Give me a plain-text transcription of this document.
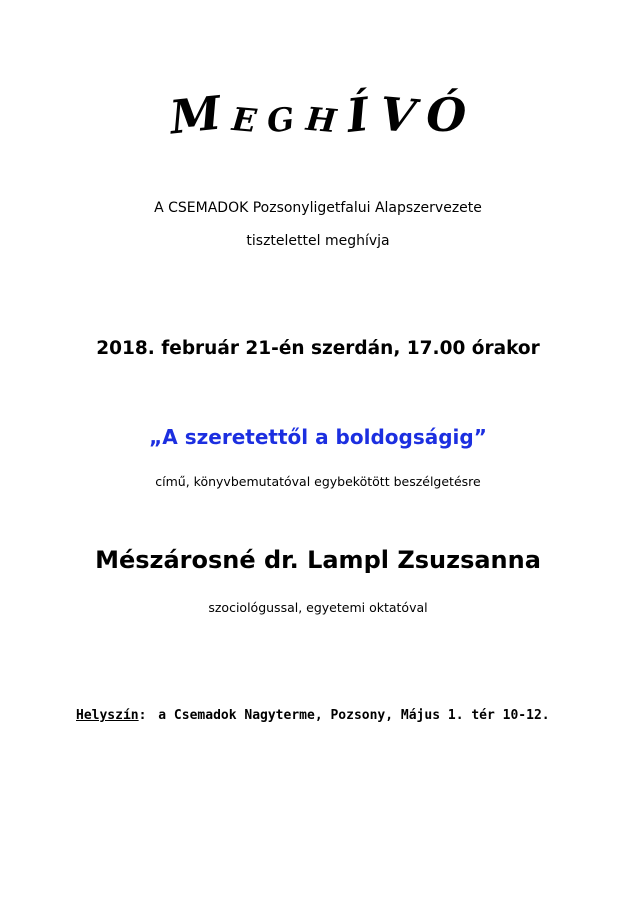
M E G H Í V Ó
A CSEMADOK Pozsonyligetfalui Alapszervezete
tisztelettel meghívja
2018. február 21-én szerdán, 17.00 órakor
„A szeretettől a boldogságig”
című, könyvbemutatóval egybekötött beszélgetésre
Mészárosné dr. Lampl Zsuzsanna
szociológussal, egyetemi oktatóval
Helyszín: a Csemadok Nagyterme, Pozsony, Május 1. tér 10-12.
